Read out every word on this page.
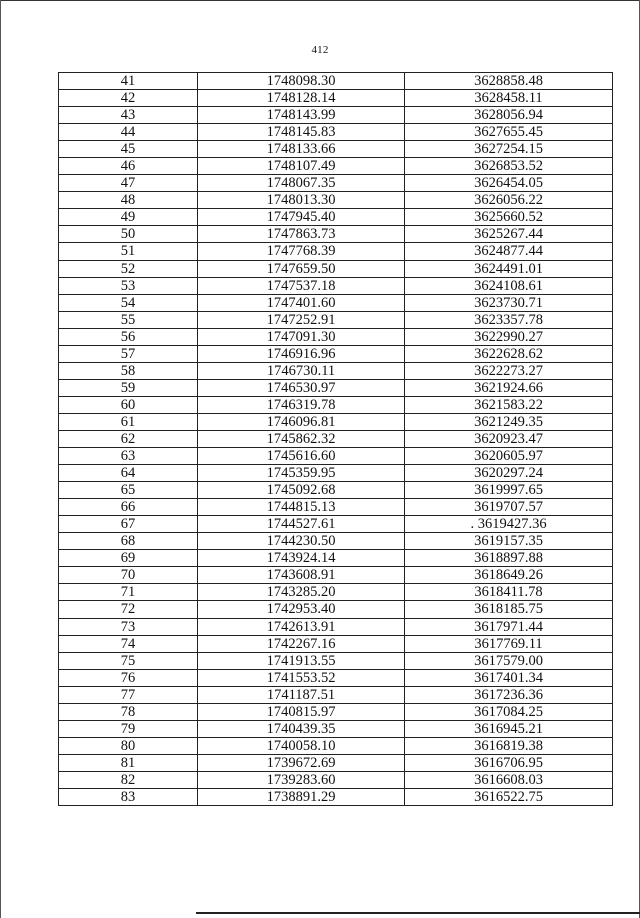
412
41	1748098.30	3628858.48
42	1748128.14	3628458.11
43	1748143.99	3628056.94
44	1748145.83	3627655.45
45	1748133.66	3627254.15
46	1748107.49	3626853.52
47	1748067.35	3626454.05
48	1748013.30	3626056.22
49	1747945.40	3625660.52
50	1747863.73	3625267.44
51	1747768.39	3624877.44
52	1747659.50	3624491.01
53	1747537.18	3624108.61
54	1747401.60	3623730.71
55	1747252.91	3623357.78
56	1747091.30	3622990.27
57	1746916.96	3622628.62
58	1746730.11	3622273.27
59	1746530.97	3621924.66
60	1746319.78	3621583.22
61	1746096.81	3621249.35
62	1745862.32	3620923.47
63	1745616.60	3620605.97
64	1745359.95	3620297.24
65	1745092.68	3619997.65
66	1744815.13	3619707.57
67	1744527.61	. 3619427.36
68	1744230.50	3619157.35
69	1743924.14	3618897.88
70	1743608.91	3618649.26
71	1743285.20	3618411.78
72	1742953.40	3618185.75
73	1742613.91	3617971.44
74	1742267.16	3617769.11
75	1741913.55	3617579.00
76	1741553.52	3617401.34
77	1741187.51	3617236.36
78	1740815.97	3617084.25
79	1740439.35	3616945.21
80	1740058.10	3616819.38
81	1739672.69	3616706.95
82	1739283.60	3616608.03
83	1738891.29	3616522.75
